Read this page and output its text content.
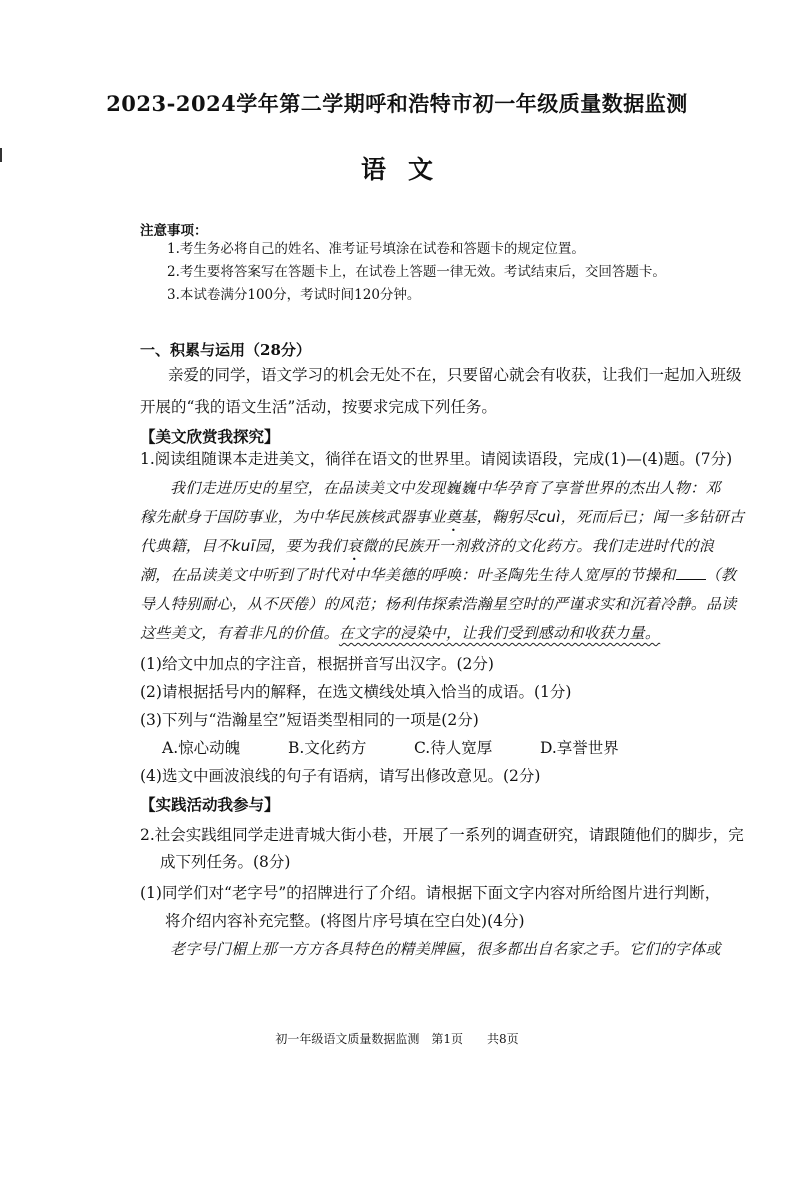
2023-2024学年第二学期呼和浩特市初一年级质量数据监测
语文
注意事项：
1.考生务必将自己的姓名、准考证号填涂在试卷和答题卡的规定位置。
2.考生要将答案写在答题卡上，在试卷上答题一律无效。考试结束后，交回答题卡。
3.本试卷满分100分，考试时间120分钟。
一、积累与运用（28分）
亲爱的同学，语文学习的机会无处不在，只要留心就会有收获，让我们一起加入班级
开展的“我的语文生活”活动，按要求完成下列任务。
【美文欣赏我探究】
1.阅读组随课本走进美文，徜徉在语文的世界里。请阅读语段，完成(1)—(4)题。(7分)
我们走进历史的星空，在品读美文中发现巍巍中华孕育了享誉世界的杰出人物：邓
稼先献身于国防事业，为中华民族核武器事业奠基，鞠躬尽cuì，死而后已；闻一多钻研古
代典籍，目不kuī园，要为我们衰微的民族开一剂救济的文化药方。我们走进时代的浪
潮，在品读美文中听到了时代对中华美德的呼唤：叶圣陶先生待人宽厚的节操和 （教
导人特别耐心，从不厌倦）的风范；杨利伟探索浩瀚星空时的严谨求实和沉着冷静。品读
这些美文，有着非凡的价值。在文字的浸染中，让我们受到感动和收获力量。
(1)给文中加点的字注音，根据拼音写出汉字。(2分)
(2)请根据括号内的解释，在选文横线处填入恰当的成语。(1分)
(3)下列与“浩瀚星空”短语类型相同的一项是(2分)
A.惊心动魄	B.文化药方	C.待人宽厚	D.享誉世界
(4)选文中画波浪线的句子有语病，请写出修改意见。(2分)
【实践活动我参与】
2.社会实践组同学走进青城大街小巷，开展了一系列的调查研究，请跟随他们的脚步，完
成下列任务。(8分)
(1)同学们对“老字号”的招牌进行了介绍。请根据下面文字内容对所给图片进行判断，
将介绍内容补充完整。(将图片序号填在空白处)(4分)
老字号门楣上那一方方各具特色的精美牌匾，很多都出自名家之手。它们的字体或
初一年级语文质量数据监测　第1页　　共8页
